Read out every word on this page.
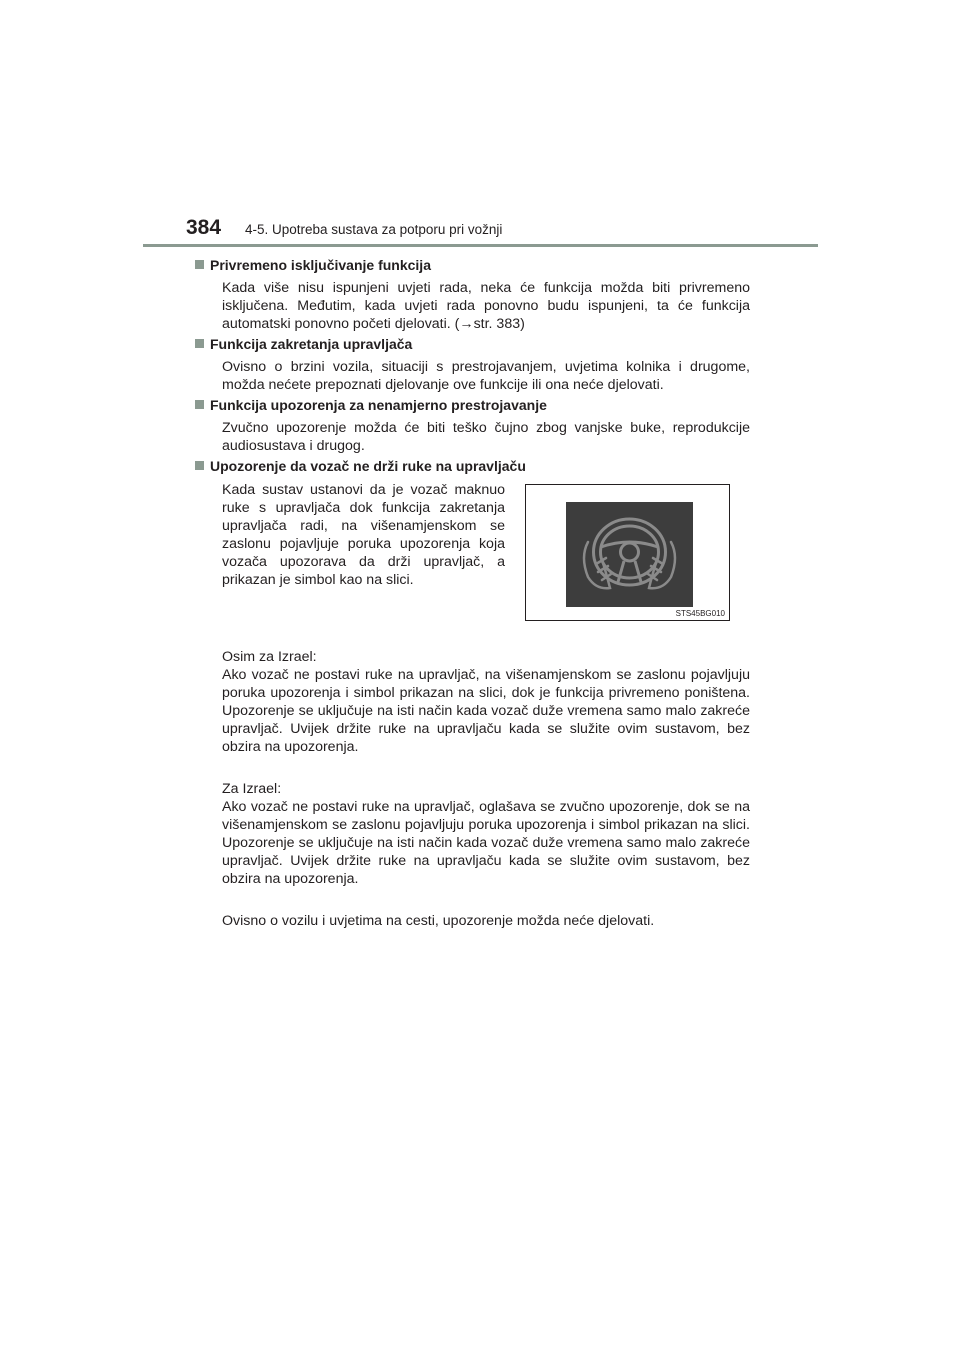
384 4-5. Upotreba sustava za potporu pri vožnji
Privremeno isključivanje funkcija

Kada više nisu ispunjeni uvjeti rada, neka će funkcija možda biti privremeno isključena. Međutim, kada uvjeti rada ponovno budu ispunjeni, ta će funkcija automatski ponovno početi djelovati. (→str. 383)

Funkcija zakretanja upravljača

Ovisno o brzini vozila, situaciji s prestrojavanjem, uvjetima kolnika i drugome, možda nećete prepoznati djelovanje ove funkcije ili ona neće djelovati.

Funkcija upozorenja za nenamjerno prestrojavanje

Zvučno upozorenje možda će biti teško čujno zbog vanjske buke, reprodukcije audiosustava i drugog.

Upozorenje da vozač ne drži ruke na upravljaču
Kada sustav ustanovi da je vozač maknuo ruke s upravljača dok funkcija zakretanja upravljača radi, na višenamjenskom se zaslonu pojavljuje poruka upozorenja koja vozača upozorava da drži upravljač, a prikazan je simbol kao na slici.
STS45BG010

Osim za Izrael:
Ako vozač ne postavi ruke na upravljač, na višenamjenskom se zaslonu pojavljuju poruka upozorenja i simbol prikazan na slici, dok je funkcija privremeno poništena. Upozorenje se uključuje na isti način kada vozač duže vremena samo malo zakreće upravljač. Uvijek držite ruke na upravljaču kada se služite ovim sustavom, bez obzira na upozorenja.

Za Izrael:
Ako vozač ne postavi ruke na upravljač, oglašava se zvučno upozorenje, dok se na višenamjenskom se zaslonu pojavljuju poruka upozorenja i simbol prikazan na slici. Upozorenje se uključuje na isti način kada vozač duže vremena samo malo zakreće upravljač. Uvijek držite ruke na upravljaču kada se služite ovim sustavom, bez obzira na upozorenja.

Ovisno o vozilu i uvjetima na cesti, upozorenje možda neće djelovati.
